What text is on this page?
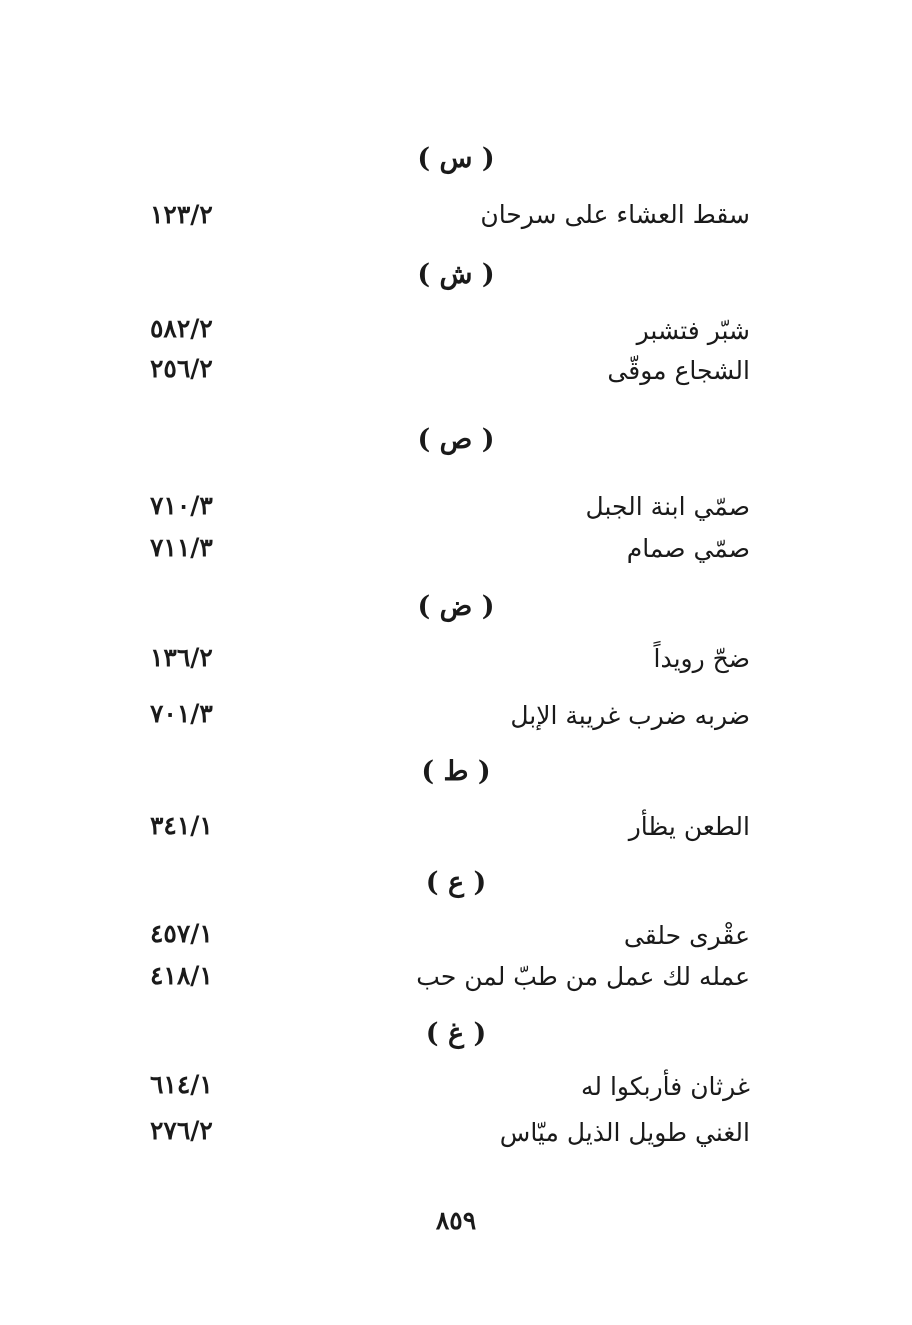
( س )
سقط العشاء على سرحان
١٢٣/٢
( ش )
شبّر فتشبر
٥٨٢/٢
الشجاع موقّى
٢٥٦/٢
( ص )
صمّي ابنة الجبل
٧١٠/٣
صمّي صمام
٧١١/٣
( ض )
ضحّ رويداً
١٣٦/٢
ضربه ضرب غريبة الإبل
٧٠١/٣
( ط )
الطعن يظأر
٣٤١/١
( ع )
عقْرى حلقى
٤٥٧/١
عمله لك عمل من طبّ لمن حب
٤١٨/١
( غ )
غرثان فأربكوا له
٦١٤/١
الغني طويل الذيل ميّاس
٢٧٦/٢
٨٥٩
